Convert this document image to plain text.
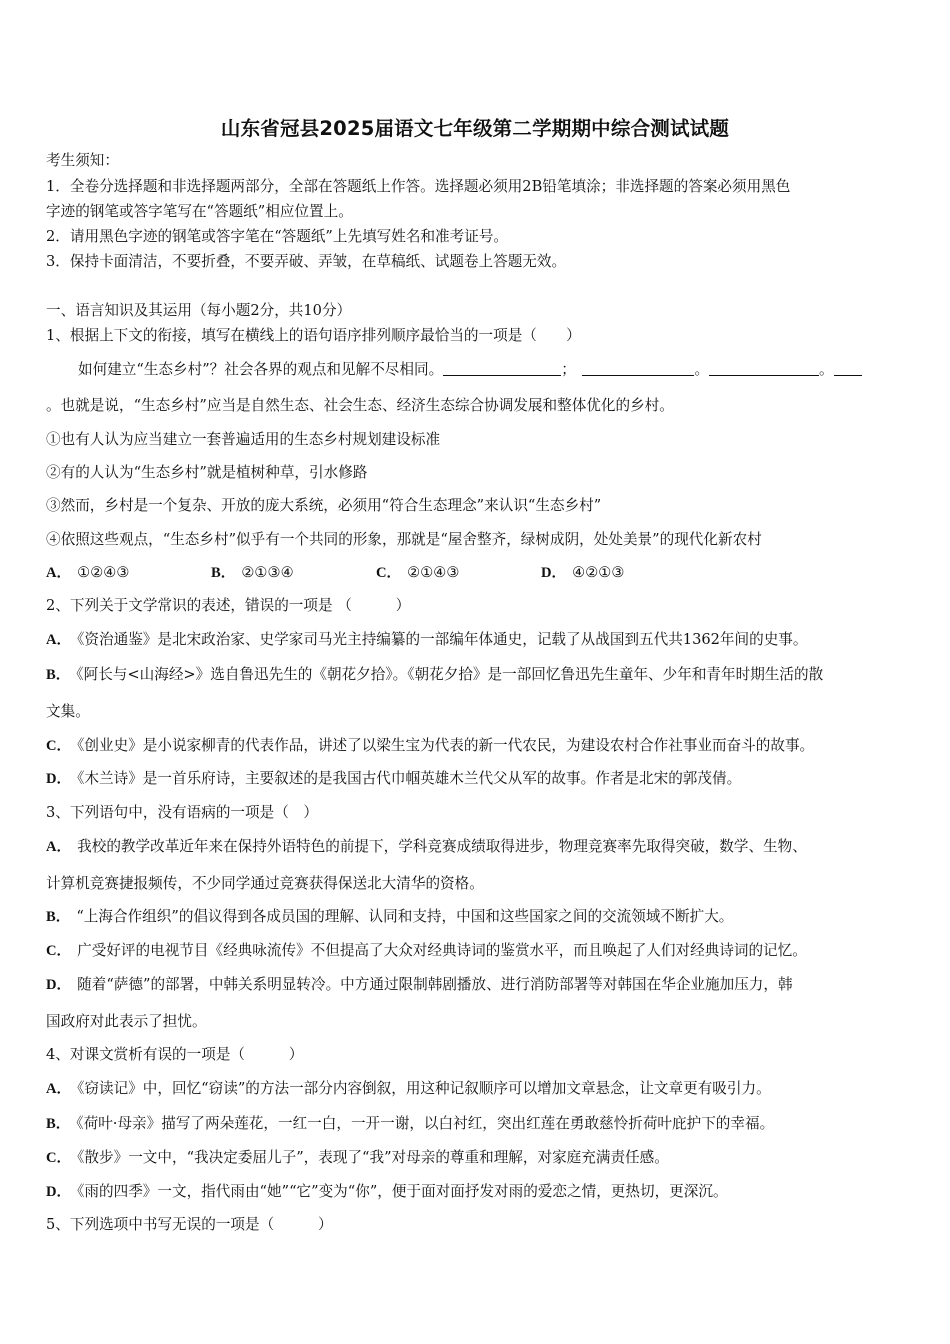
山东省冠县2025届语文七年级第二学期期中综合测试试题
考生须知：
1．全卷分选择题和非选择题两部分，全部在答题纸上作答。选择题必须用2B铅笔填涂；非选择题的答案必须用黑色
字迹的钢笔或答字笔写在“答题纸”相应位置上。
2．请用黑色字迹的钢笔或答字笔在“答题纸”上先填写姓名和准考证号。
3．保持卡面清洁，不要折叠，不要弄破、弄皱，在草稿纸、试题卷上答题无效。
一、语言知识及其运用（每小题2分，共10分）
1、根据上下文的衔接，填写在横线上的语句语序排列顺序最恰当的一项是（　　）
如何建立“生态乡村”？社会各界的观点和见解不尽相同。	；	。	。
。也就是说，“生态乡村”应当是自然生态、社会生态、经济生态综合协调发展和整体优化的乡村。
①也有人认为应当建立一套普遍适用的生态乡村规划建设标准
②有的人认为“生态乡村”就是植树种草，引水修路
③然而，乡村是一个复杂、开放的庞大系统，必须用“符合生态理念”来认识“生态乡村”
④依照这些观点，“生态乡村”似乎有一个共同的形象，那就是“屋舍整齐，绿树成阴，处处美景”的现代化新农村
A． ①②④③	B． ②①③④	C． ②①④③	D． ④②①③
2、下列关于文学常识的表述，错误的一项是 （　　　）
A． 《资治通鉴》是北宋政治家、史学家司马光主持编纂的一部编年体通史，记载了从战国到五代共1362年间的史事。
B． 《阿长与<山海经>》选自鲁迅先生的《朝花夕拾》。《朝花夕拾》是一部回忆鲁迅先生童年、少年和青年时期生活的散
文集。
C． 《创业史》是小说家柳青的代表作品，讲述了以梁生宝为代表的新一代农民，为建设农村合作社事业而奋斗的故事。
D． 《木兰诗》是一首乐府诗，主要叙述的是我国古代巾帼英雄木兰代父从军的故事。作者是北宋的郭茂倩。
3、下列语句中，没有语病的一项是（　）
A． 我校的教学改革近年来在保持外语特色的前提下，学科竞赛成绩取得进步，物理竞赛率先取得突破，数学、生物、
计算机竞赛捷报频传，不少同学通过竞赛获得保送北大清华的资格。
B． “上海合作组织”的倡议得到各成员国的理解、认同和支持，中国和这些国家之间的交流领域不断扩大。
C． 广受好评的电视节目《经典咏流传》不但提高了大众对经典诗词的鉴赏水平，而且唤起了人们对经典诗词的记忆。
D． 随着“萨德”的部署，中韩关系明显转冷。中方通过限制韩剧播放、进行消防部署等对韩国在华企业施加压力，韩
国政府对此表示了担忧。
4、对课文赏析有误的一项是（　　　）
A． 《窃读记》中，回忆“窃读”的方法一部分内容倒叙，用这种记叙顺序可以增加文章悬念，让文章更有吸引力。
B． 《荷叶·母亲》描写了两朵莲花，一红一白，一开一谢，以白衬红，突出红莲在勇敢慈怜折荷叶庇护下的幸福。
C． 《散步》一文中，“我决定委屈儿子”，表现了“我”对母亲的尊重和理解，对家庭充满责任感。
D． 《雨的四季》一文，指代雨由“她”“它”变为“你”，便于面对面抒发对雨的爱恋之情，更热切，更深沉。
5、下列选项中书写无误的一项是（　　　）
